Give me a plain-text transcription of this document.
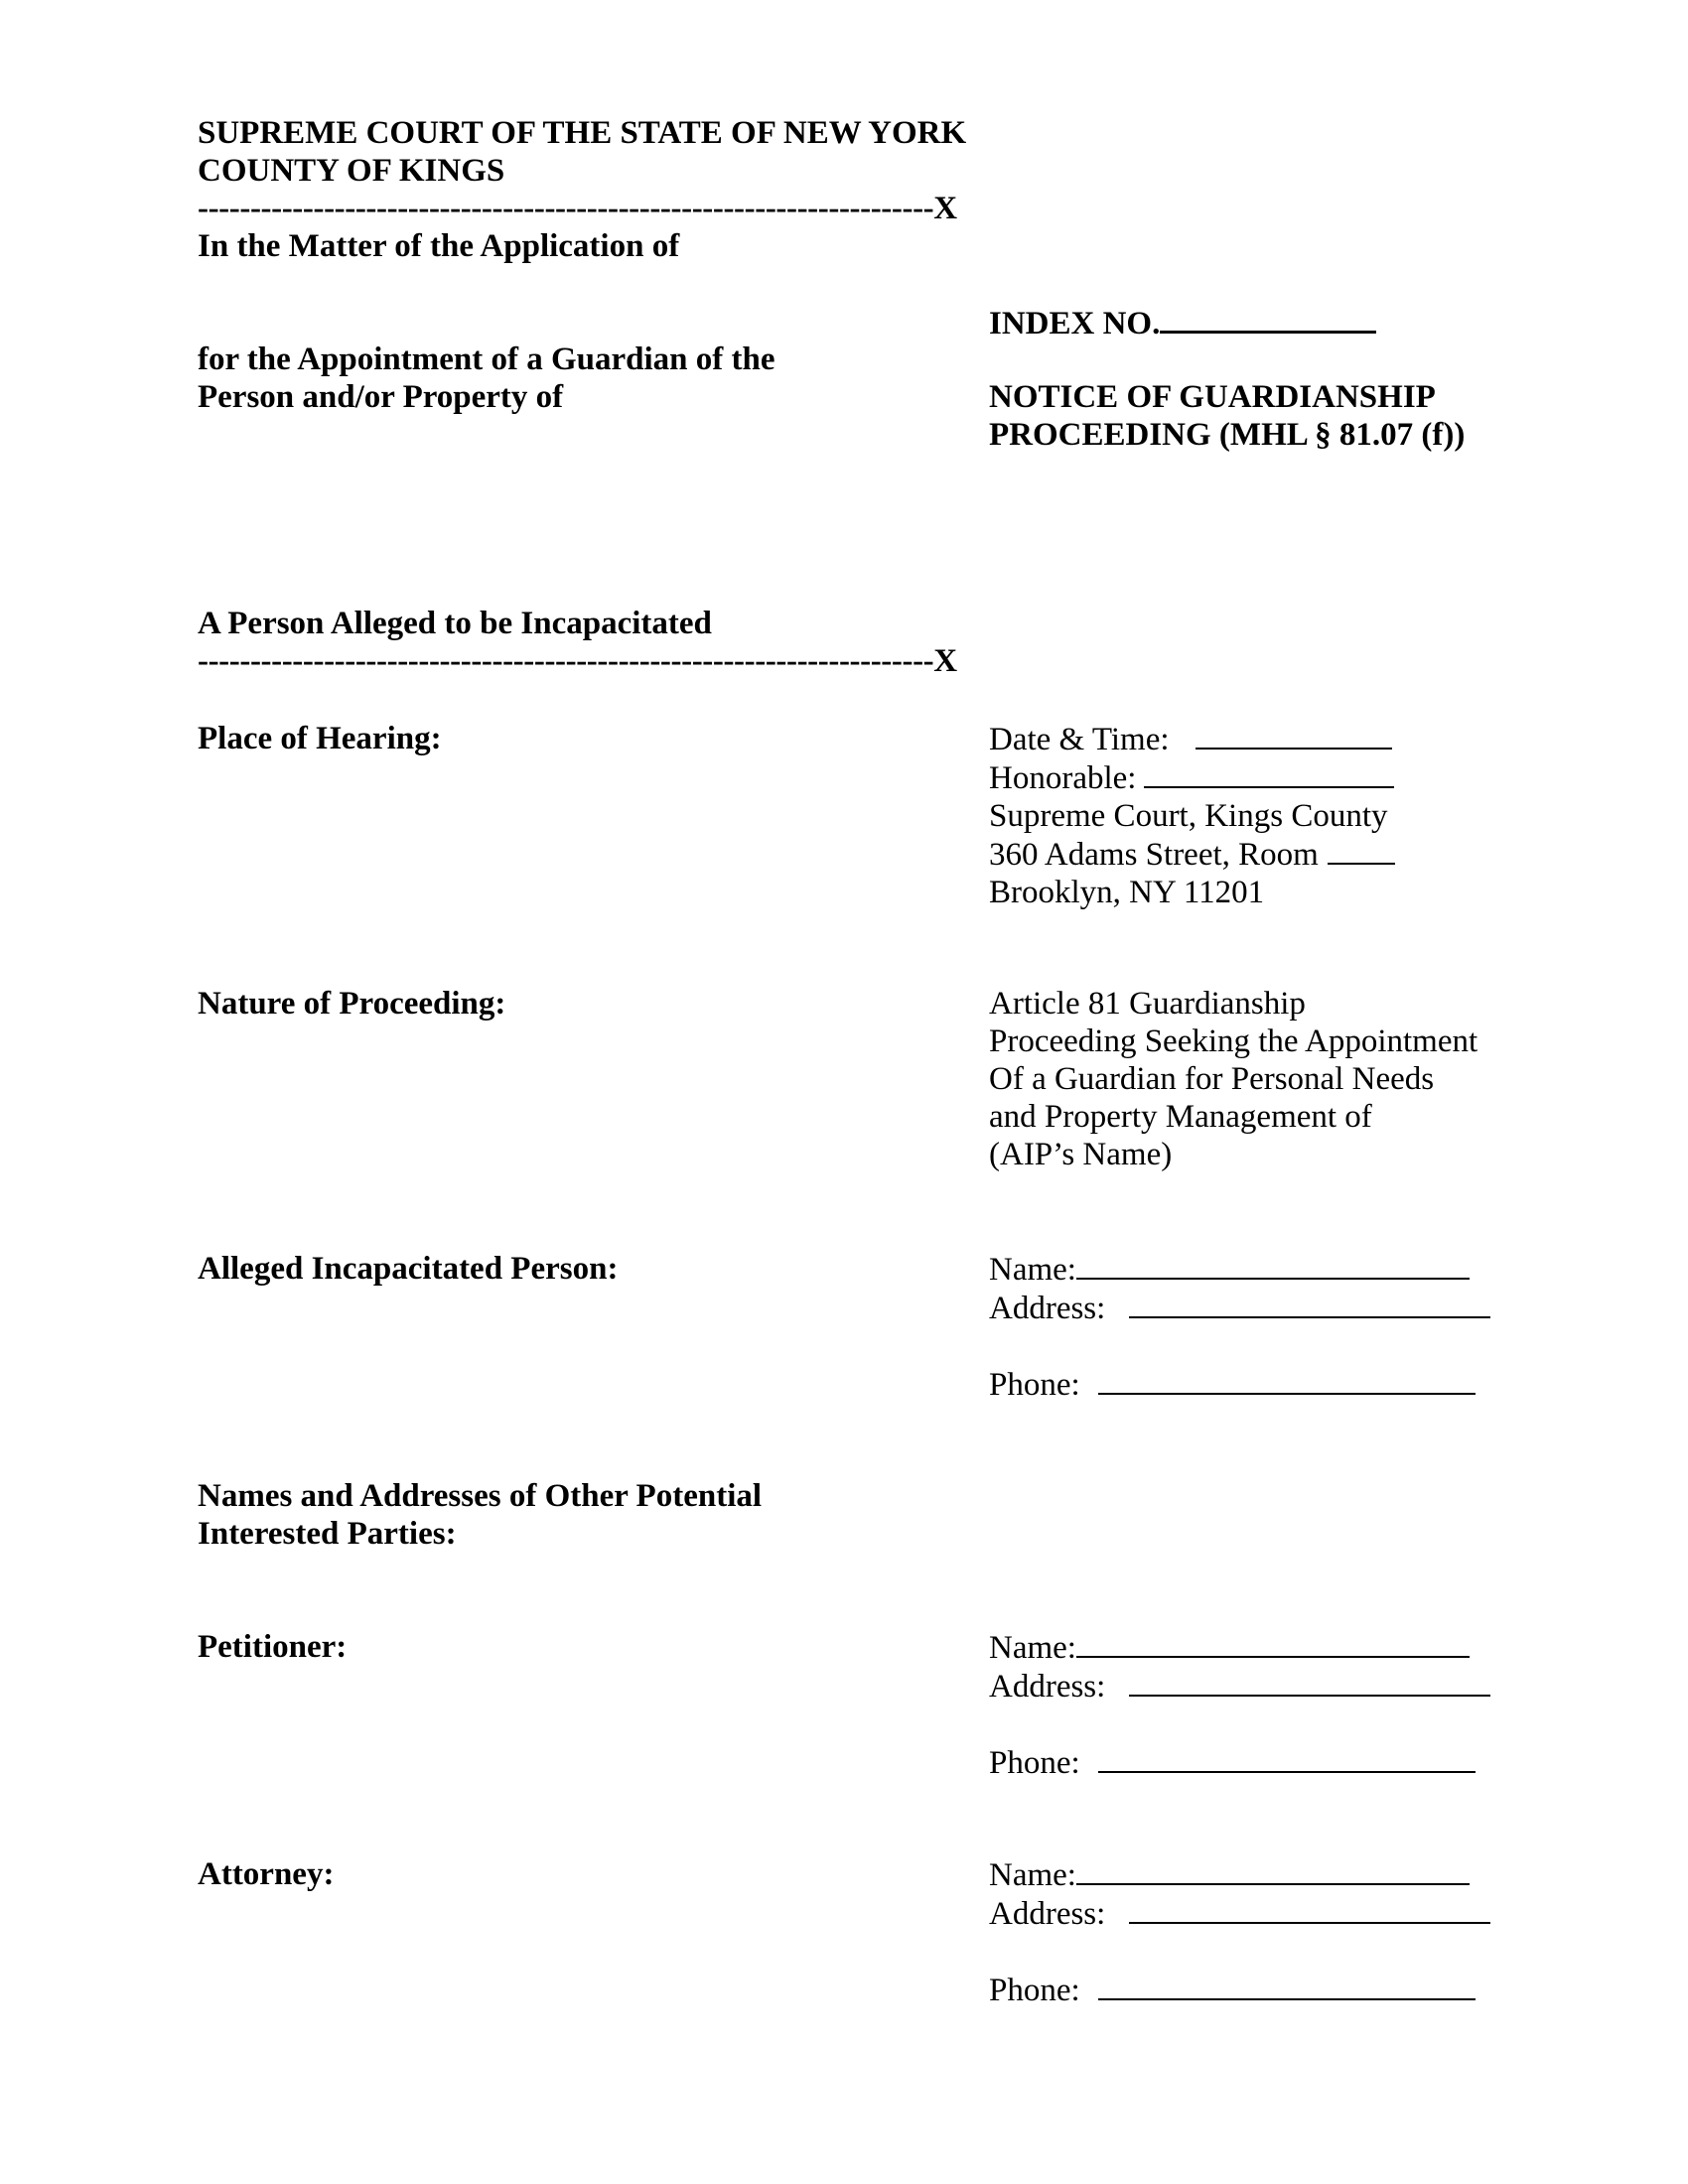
SUPREME COURT OF THE STATE OF NEW YORK
COUNTY OF KINGS
----------------------------------------------------------------------X
In the Matter of the Application of
for the Appointment of a Guardian of the
Person and/or Property of
A Person Alleged to be Incapacitated
----------------------------------------------------------------------X
INDEX NO.
NOTICE OF GUARDIANSHIP
PROCEEDING (MHL § 81.07 (f))
Place of Hearing:	Date & Time:
Honorable:
Supreme Court, Kings County
360 Adams Street, Room
Brooklyn, NY 11201
Nature of Proceeding:	Article 81 Guardianship
Proceeding Seeking the Appointment
Of a Guardian for Personal Needs
and Property Management of
(AIP’s Name)
Alleged Incapacitated Person:	Name:
Address:
Phone:
Names and Addresses of Other Potential
Interested Parties:
Petitioner:	Name:
Address:
Phone:
Attorney:	Name:
Address:
Phone:
